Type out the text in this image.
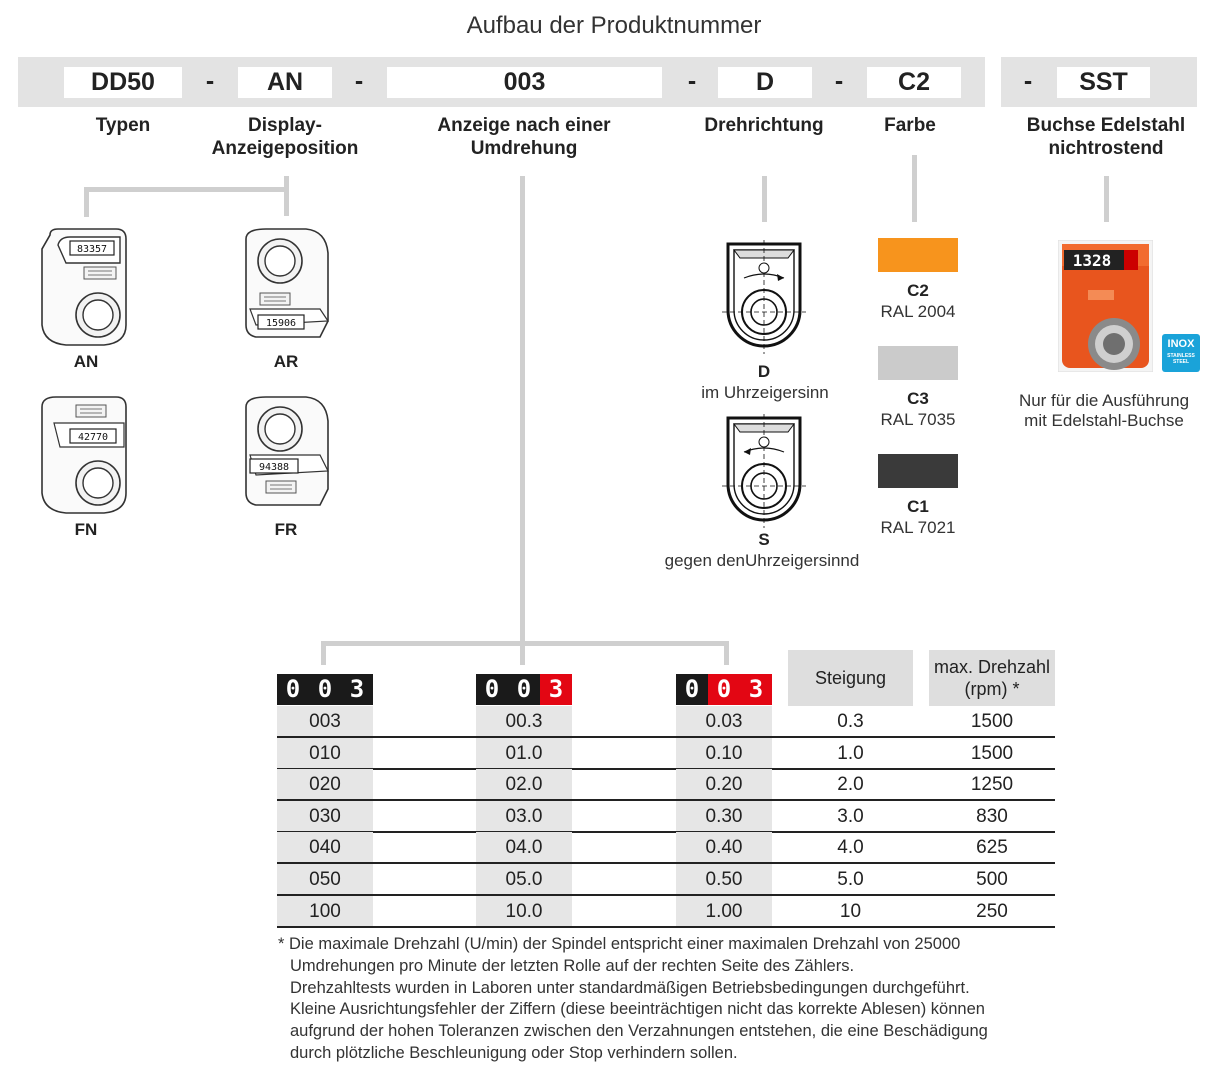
Aufbau der Produktnummer
DD50	-	AN	-	003	-	D	-	C2	-	SST
Typen	Display-
Anzeigeposition
Anzeige nach einer
Umdrehung
Drehrichtung	Farbe	Buchse Edelstahl
nichtrostend
83357
15906
42770
94388
AN	AR
FN	FR
D
im Uhrzeigersinn
S
gegen denUhrzeigersinnd
C2
RAL 2004
C3
RAL 7035
C1
RAL 7021
1328
INOX
STAINLESS
STEEL
Nur für die Ausführung
mit Edelstahl-Buchse
0 0 3	0 0 3	0 0 3	Steigung
max. Drehzahl
(rpm) *
003	00.3	0.03	0.3	1500
010	01.0	0.10	1.0	1500
020	02.0	0.20	2.0	1250
030	03.0	0.30	3.0	830
040	04.0	0.40	4.0	625
050	05.0	0.50	5.0	500
100	10.0	1.00	10	250
* Die maximale Drehzahl (U/min) der Spindel entspricht einer maximalen Drehzahl von 25000
Umdrehungen pro Minute der letzten Rolle auf der rechten Seite des Zählers.
Drehzahltests wurden in Laboren unter standardmäßigen Betriebsbedingungen durchgeführt.
Kleine Ausrichtungsfehler der Ziffern (diese beeinträchtigen nicht das korrekte Ablesen) können
aufgrund der hohen Toleranzen zwischen den Verzahnungen entstehen, die eine Beschädigung
durch plötzliche Beschleunigung oder Stop verhindern sollen.
